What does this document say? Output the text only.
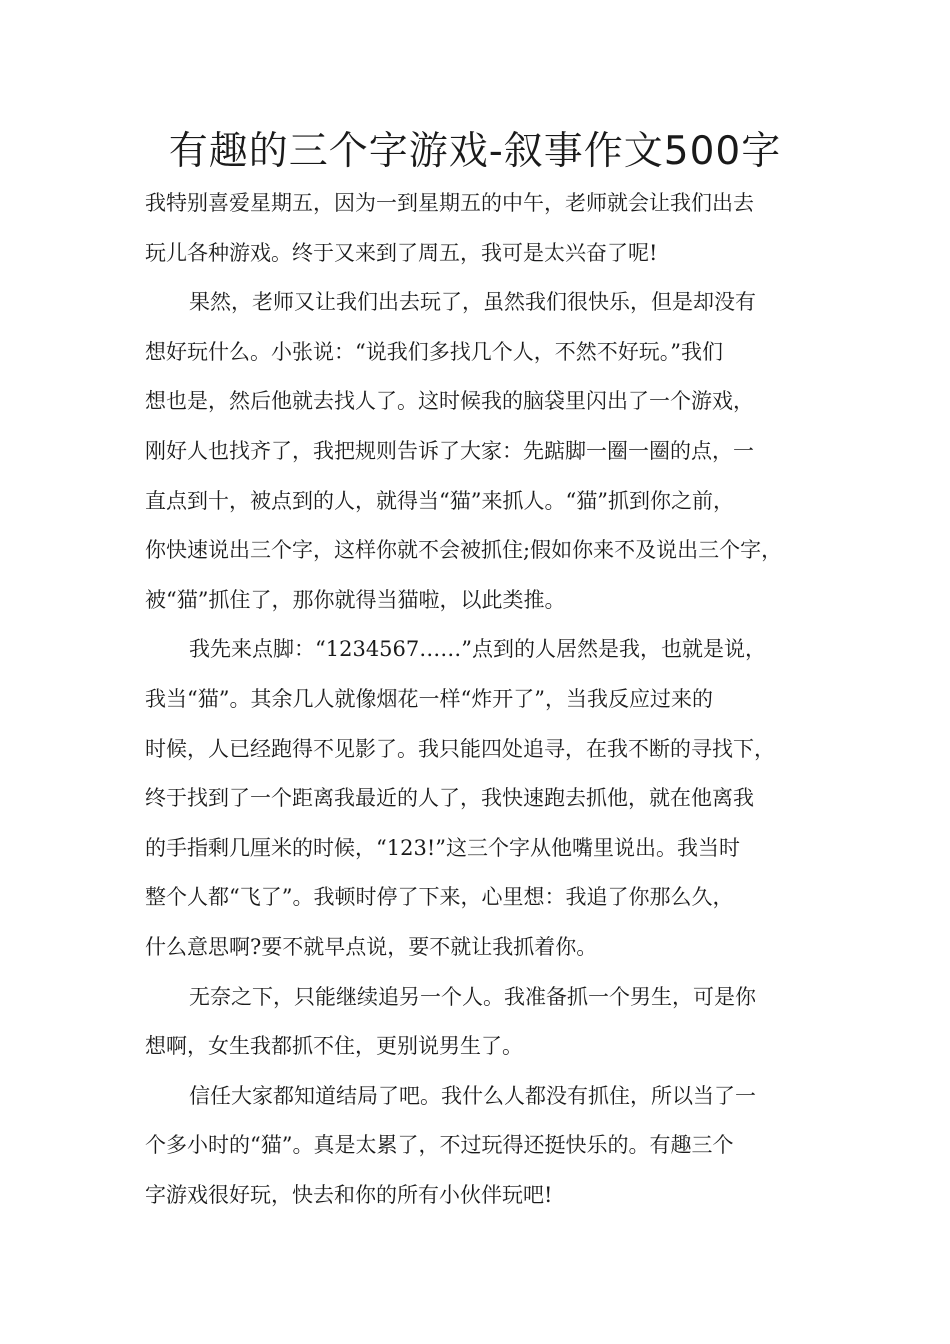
有趣的三个字游戏-叙事作文500字

我特别喜爱星期五，因为一到星期五的中午，老师就会让我们出去
玩儿各种游戏。终于又来到了周五，我可是太兴奋了呢!

果然，老师又让我们出去玩了，虽然我们很快乐，但是却没有
想好玩什么。小张说：“说我们多找几个人，不然不好玩。”我们
想也是，然后他就去找人了。这时候我的脑袋里闪出了一个游戏，
刚好人也找齐了，我把规则告诉了大家：先踮脚一圈一圈的点，一
直点到十，被点到的人，就得当“猫”来抓人。“猫”抓到你之前，
你快速说出三个字，这样你就不会被抓住;假如你来不及说出三个字，
被“猫”抓住了，那你就得当猫啦，以此类推。

我先来点脚：“1234567……”点到的人居然是我，也就是说，
我当“猫”。其余几人就像烟花一样“炸开了”，当我反应过来的
时候，人已经跑得不见影了。我只能四处追寻，在我不断的寻找下，
终于找到了一个距离我最近的人了，我快速跑去抓他，就在他离我
的手指剩几厘米的时候，“123!”这三个字从他嘴里说出。我当时
整个人都“飞了”。我顿时停了下来，心里想：我追了你那么久，
什么意思啊?要不就早点说，要不就让我抓着你。

无奈之下，只能继续追另一个人。我准备抓一个男生，可是你
想啊，女生我都抓不住，更别说男生了。

信任大家都知道结局了吧。我什么人都没有抓住，所以当了一
个多小时的“猫”。真是太累了，不过玩得还挺快乐的。有趣三个
字游戏很好玩，快去和你的所有小伙伴玩吧!
